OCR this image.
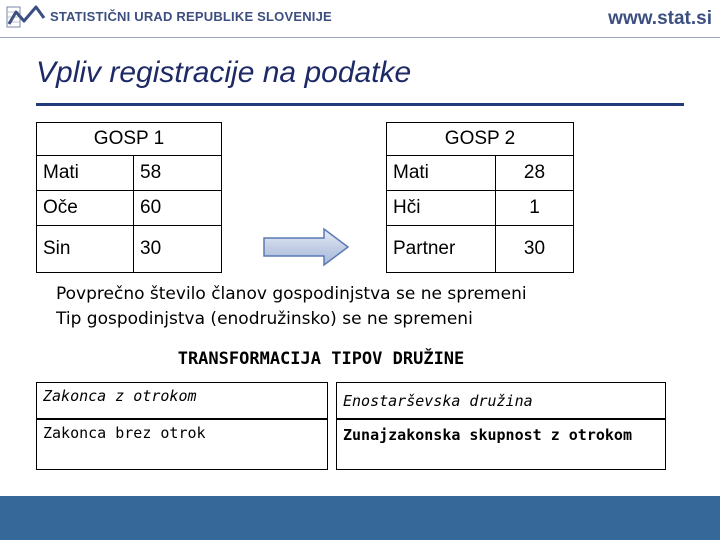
STATISTIČNI URAD REPUBLIKE SLOVENIJE	www.stat.si
Vpliv registracije na podatke
GOSP 1	
Mati	58
Oče	60
Sin	30
GOSP 2	
Mati	28
Hči	1
Partner	30
Povprečno število članov gospodinjstva se ne spremeni
Tip gospodinjstva (enodružinsko) se ne spremeni
TRANSFORMACIJA TIPOV DRUŽINE
Zakonca z otrokom	Enostarševska družina
Zakonca brez otrok	Zunajzakonska skupnost z otrokom
